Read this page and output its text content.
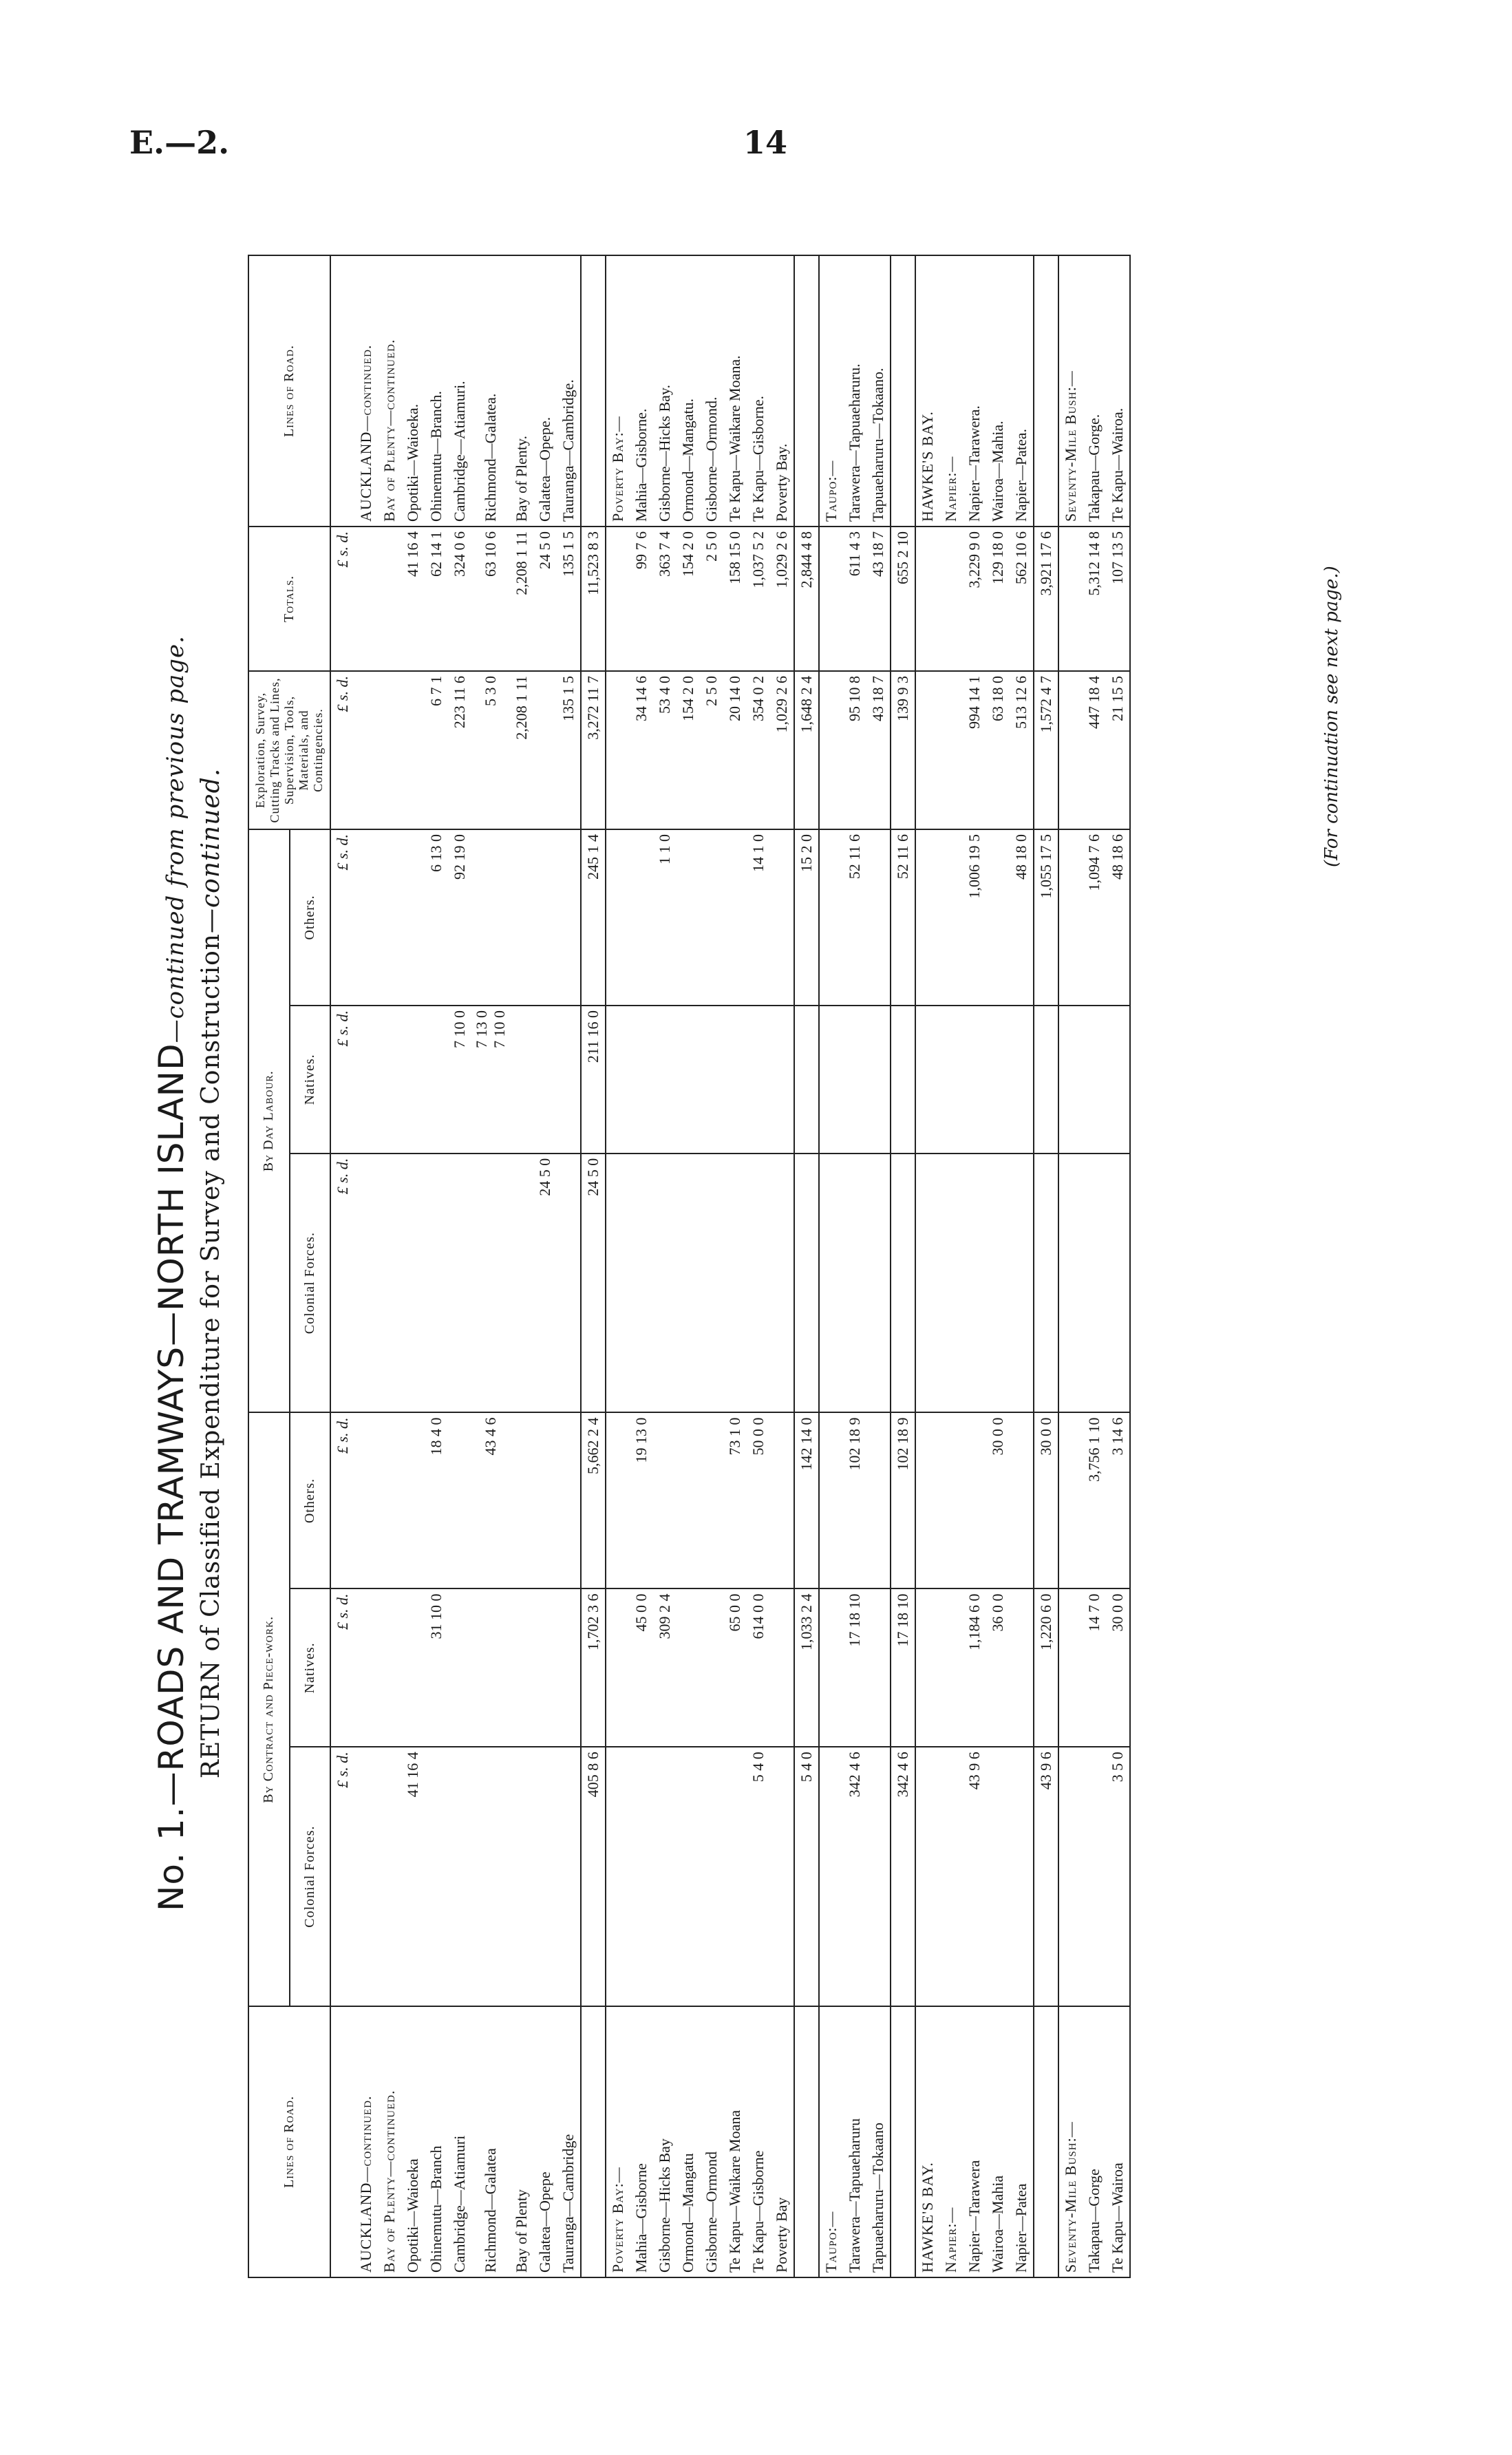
E.—2.	14
No. 1.—ROADS AND TRAMWAYS—NORTH ISLAND—continued from previous page.
RETURN of Classified Expenditure for Survey and Construction—continued.
Lines of Road.	By Contract and Piece-work.			By Day Labour.			Exploration, Survey, Cutting Tracks and Lines, Supervision, Tools, Materials, and Contingencies.	Totals.	Lines of Road.
	Colonial Forces.	Natives.	Others.	Colonial Forces.	Natives.	Others.			
	£ s. d.	£ s. d.	£ s. d.	£ s. d.	£ s. d.	£ s. d.	£ s. d.	£ s. d.	
AUCKLAND—continued.									AUCKLAND—continued.
Bay of Plenty—continued.									Bay of Plenty—continued.
Opotiki—Waioeka	41 16 4							41 16 4	Opotiki—Waioeka.
Ohinemutu—Branch		31 10 0	18 4 0			6 13 0	6 7 1	62 14 1	Ohinemutu—Branch.
Cambridge—Atiamuri					7 10 0	92 19 0	223 11 6	324 0 6	Cambridge—Atiamuri.
Richmond—Galatea			43 4 6		7 13 0 7 10 0		5 3 0	63 10 6	Richmond—Galatea.
Bay of Plenty							2,208 1 11	2,208 1 11	Bay of Plenty.
Galatea—Opepe				24 5 0				24 5 0	Galatea—Opepe.
Tauranga—Cambridge							135 1 5	135 1 5	Tauranga—Cambridge.
	405 8 6	1,702 3 6	5,662 2 4	24 5 0	211 16 0	245 1 4	3,272 11 7	11,523 8 3	
Poverty Bay:—									Poverty Bay:—
Mahia—Gisborne		45 0 0	19 13 0				34 14 6	99 7 6	Mahia—Gisborne.
Gisborne—Hicks Bay		309 2 4				1 1 0	53 4 0	363 7 4	Gisborne—Hicks Bay.
Ormond—Mangatu							154 2 0	154 2 0	Ormond—Mangatu.
Gisborne—Ormond							2 5 0	2 5 0	Gisborne—Ormond.
Te Kapu—Waikare Moana		65 0 0	73 1 0				20 14 0	158 15 0	Te Kapu—Waikare Moana.
Te Kapu—Gisborne	5 4 0	614 0 0	50 0 0			14 1 0	354 0 2	1,037 5 2	Te Kapu—Gisborne.
Poverty Bay							1,029 2 6	1,029 2 6	Poverty Bay.
	5 4 0	1,033 2 4	142 14 0			15 2 0	1,648 2 4	2,844 4 8	
Taupo:—									Taupo:—
Tarawera—Tapuaeharuru	342 4 6	17 18 10	102 18 9			52 11 6	95 10 8	611 4 3	Tarawera—Tapuaeharuru.
Tapuaeharuru—Tokaano							43 18 7	43 18 7	Tapuaeharuru—Tokaano.
	342 4 6	17 18 10	102 18 9			52 11 6	139 9 3	655 2 10	
HAWKE'S BAY.									HAWKE'S BAY.
Napier:—									Napier:—
Napier—Tarawera	43 9 6	1,184 6 0				1,006 19 5	994 14 1	3,229 9 0	Napier—Tarawera.
Wairoa—Mahia		36 0 0	30 0 0				63 18 0	129 18 0	Wairoa—Mahia.
Napier—Patea						48 18 0	513 12 6	562 10 6	Napier—Patea.
	43 9 6	1,220 6 0	30 0 0			1,055 17 5	1,572 4 7	3,921 17 6	
Seventy-Mile Bush:—									Seventy-Mile Bush:—
Takapau—Gorge		14 7 0	3,756 1 10			1,094 7 6	447 18 4	5,312 14 8	Takapau—Gorge.
Te Kapu—Wairoa	3 5 0	30 0 0	3 14 6			48 18 6	21 15 5	107 13 5	Te Kapu—Wairoa.
(For continuation see next page.)
